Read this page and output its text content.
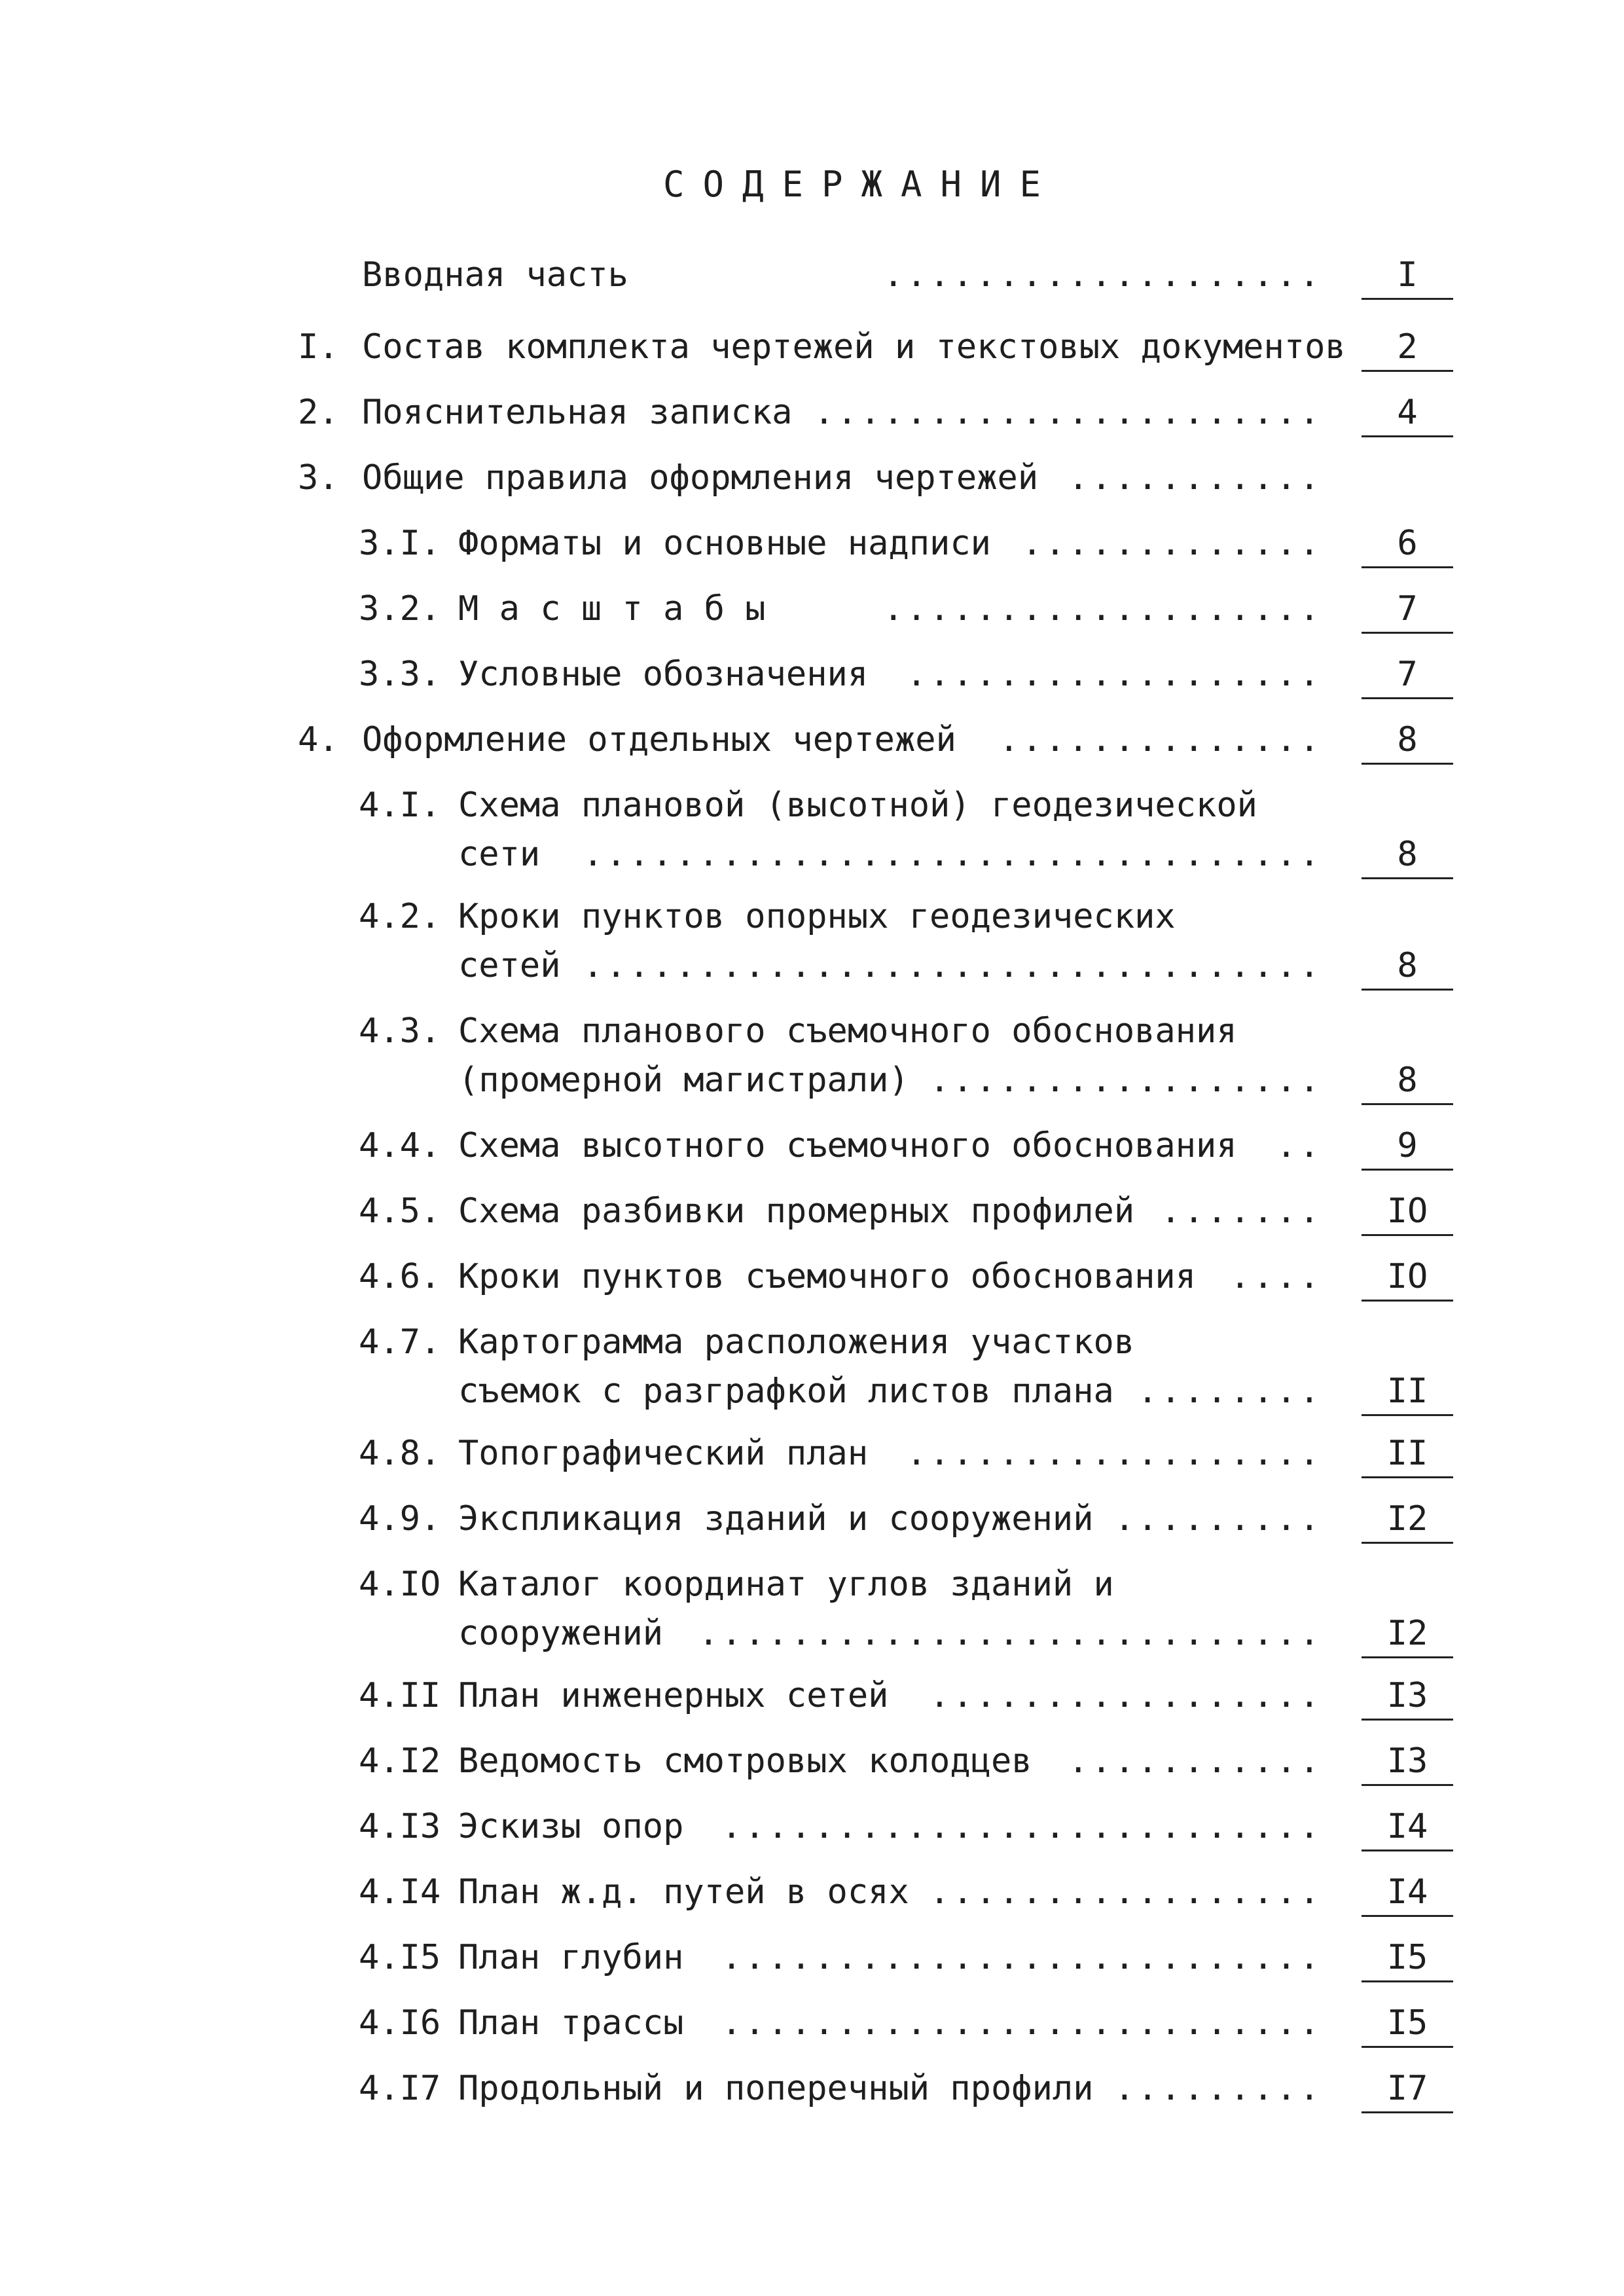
СОДЕРЖАНИЕ
Вводная часть	...................	I
I. Состав комплекта чертежей и текстовых документов	2
2. Пояснительная записка ......................	4
3. Общие правила оформления чертежей ...........
3.I. Форматы и основные надписи .............	6
3.2. М а с ш т а б ы	...................	7
3.3. Условные обозначения	..................	7
4. Оформление отдельных чертежей	..............	8
4.I. Схема плановой (высотной) геодезической
сети	................................	8
4.2. Кроки пунктов опорных геодезических
сетей ................................	8
4.3. Схема планового съемочного обоснования
(промерной магистрали) .................	8
4.4. Схема высотного съемочного обоснования	..	9
4.5. Схема разбивки промерных профилей .......	IO
4.6. Кроки пунктов съемочного обоснования ....	IO
4.7. Картограмма расположения участков
съемок с разграфкой листов плана ........	II
4.8. Топографический план	..................	II
4.9. Экспликация зданий и сооружений .........	I2
4.IO Каталог координат углов зданий и
сооружений	...........................	I2
4.II План инженерных сетей	.................	I3
4.I2 Ведомость смотровых колодцев	...........	I3
4.I3 Эскизы опор	..........................	I4
4.I4 План ж.д. путей в осях .................	I4
4.I5 План глубин	..........................	I5
4.I6 План трассы	..........................	I5
4.I7 Продольный и поперечный профили .........	I7
